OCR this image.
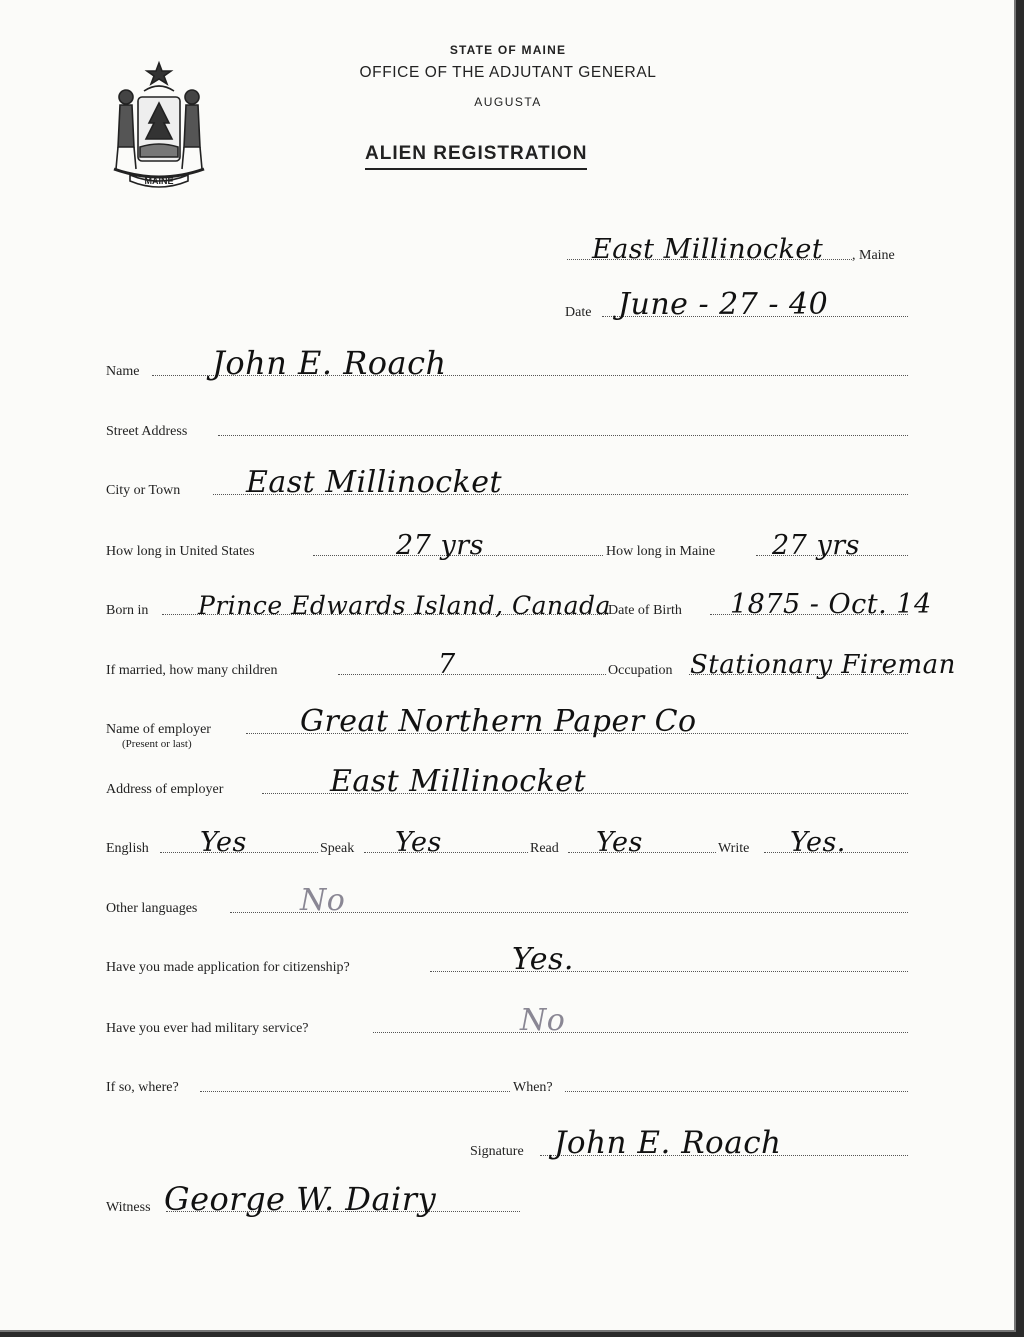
MAINE
STATE OF MAINE
OFFICE OF THE ADJUTANT GENERAL
AUGUSTA
ALIEN REGISTRATION
East Millinocket , Maine
Date June - 27 - 40
Name John E. Roach
Street Address
City or Town East Millinocket
How long in United States	27 yrs	How long in Maine 27 yrs
Born in Prince Edwards Island, Canada
Date of Birth 1875 - Oct. 14
If married, how many children	7	Occupation Stationary Fireman
Name of employer	Great Northern Paper Co
(Present or last)
Address of employer	East Millinocket
English Yes	Speak Yes	Read Yes	Write Yes.
Other languages	No
Have you made application for citizenship?	Yes.
Have you ever had military service?	No
If so, where?	When?
Signature John E. Roach
Witness George W. Dairy
